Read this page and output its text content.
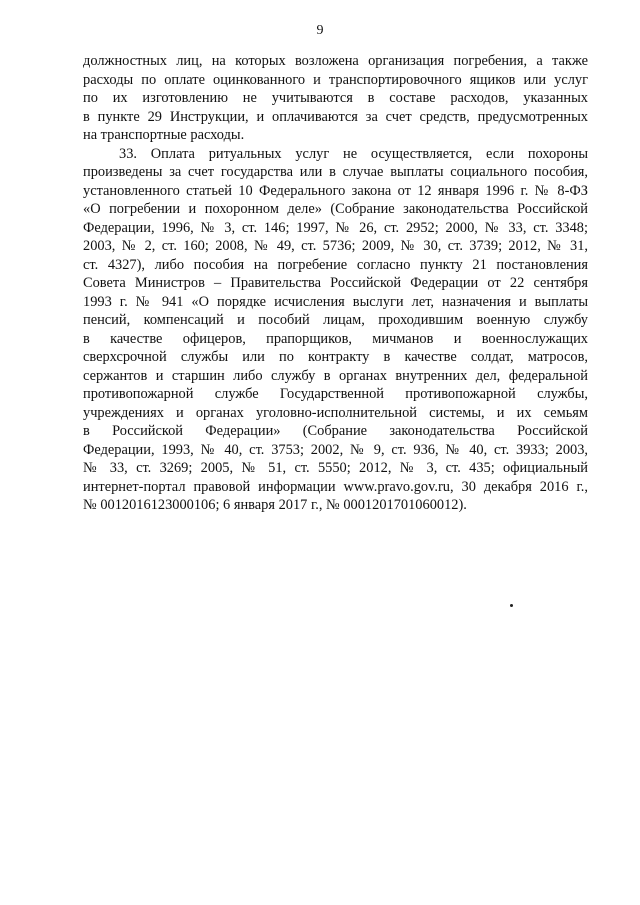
9
должностных лиц, на которых возложена организация погребения, а также
расходы по оплате оцинкованного и транспортировочного ящиков или услуг
по их изготовлению не учитываются в составе расходов, указанных
в пункте 29 Инструкции, и оплачиваются за счет средств, предусмотренных
на транспортные расходы.
33. Оплата ритуальных услуг не осуществляется, если похороны
произведены за счет государства или в случае выплаты социального пособия,
установленного статьей 10 Федерального закона от 12 января 1996 г. № 8-ФЗ
«О погребении и похоронном деле» (Собрание законодательства Российской
Федерации, 1996, № 3, ст. 146; 1997, № 26, ст. 2952; 2000, № 33, ст. 3348;
2003, № 2, ст. 160; 2008, № 49, ст. 5736; 2009, № 30, ст. 3739; 2012, № 31,
ст. 4327), либо пособия на погребение согласно пункту 21 постановления
Совета Министров – Правительства Российской Федерации от 22 сентября
1993 г. № 941 «О порядке исчисления выслуги лет, назначения и выплаты
пенсий, компенсаций и пособий лицам, проходившим военную службу
в качестве офицеров, прапорщиков, мичманов и военнослужащих
сверхсрочной службы или по контракту в качестве солдат, матросов,
сержантов и старшин либо службу в органах внутренних дел, федеральной
противопожарной службе Государственной противопожарной службы,
учреждениях и органах уголовно-исполнительной системы, и их семьям
в Российской Федерации» (Собрание законодательства Российской
Федерации, 1993, № 40, ст. 3753; 2002, № 9, ст. 936, № 40, ст. 3933; 2003,
№ 33, ст. 3269; 2005, № 51, ст. 5550; 2012, № 3, ст. 435; официальный
интернет-портал правовой информации www.pravo.gov.ru, 30 декабря 2016 г.,
№ 0012016123000106; 6 января 2017 г., № 0001201701060012).
